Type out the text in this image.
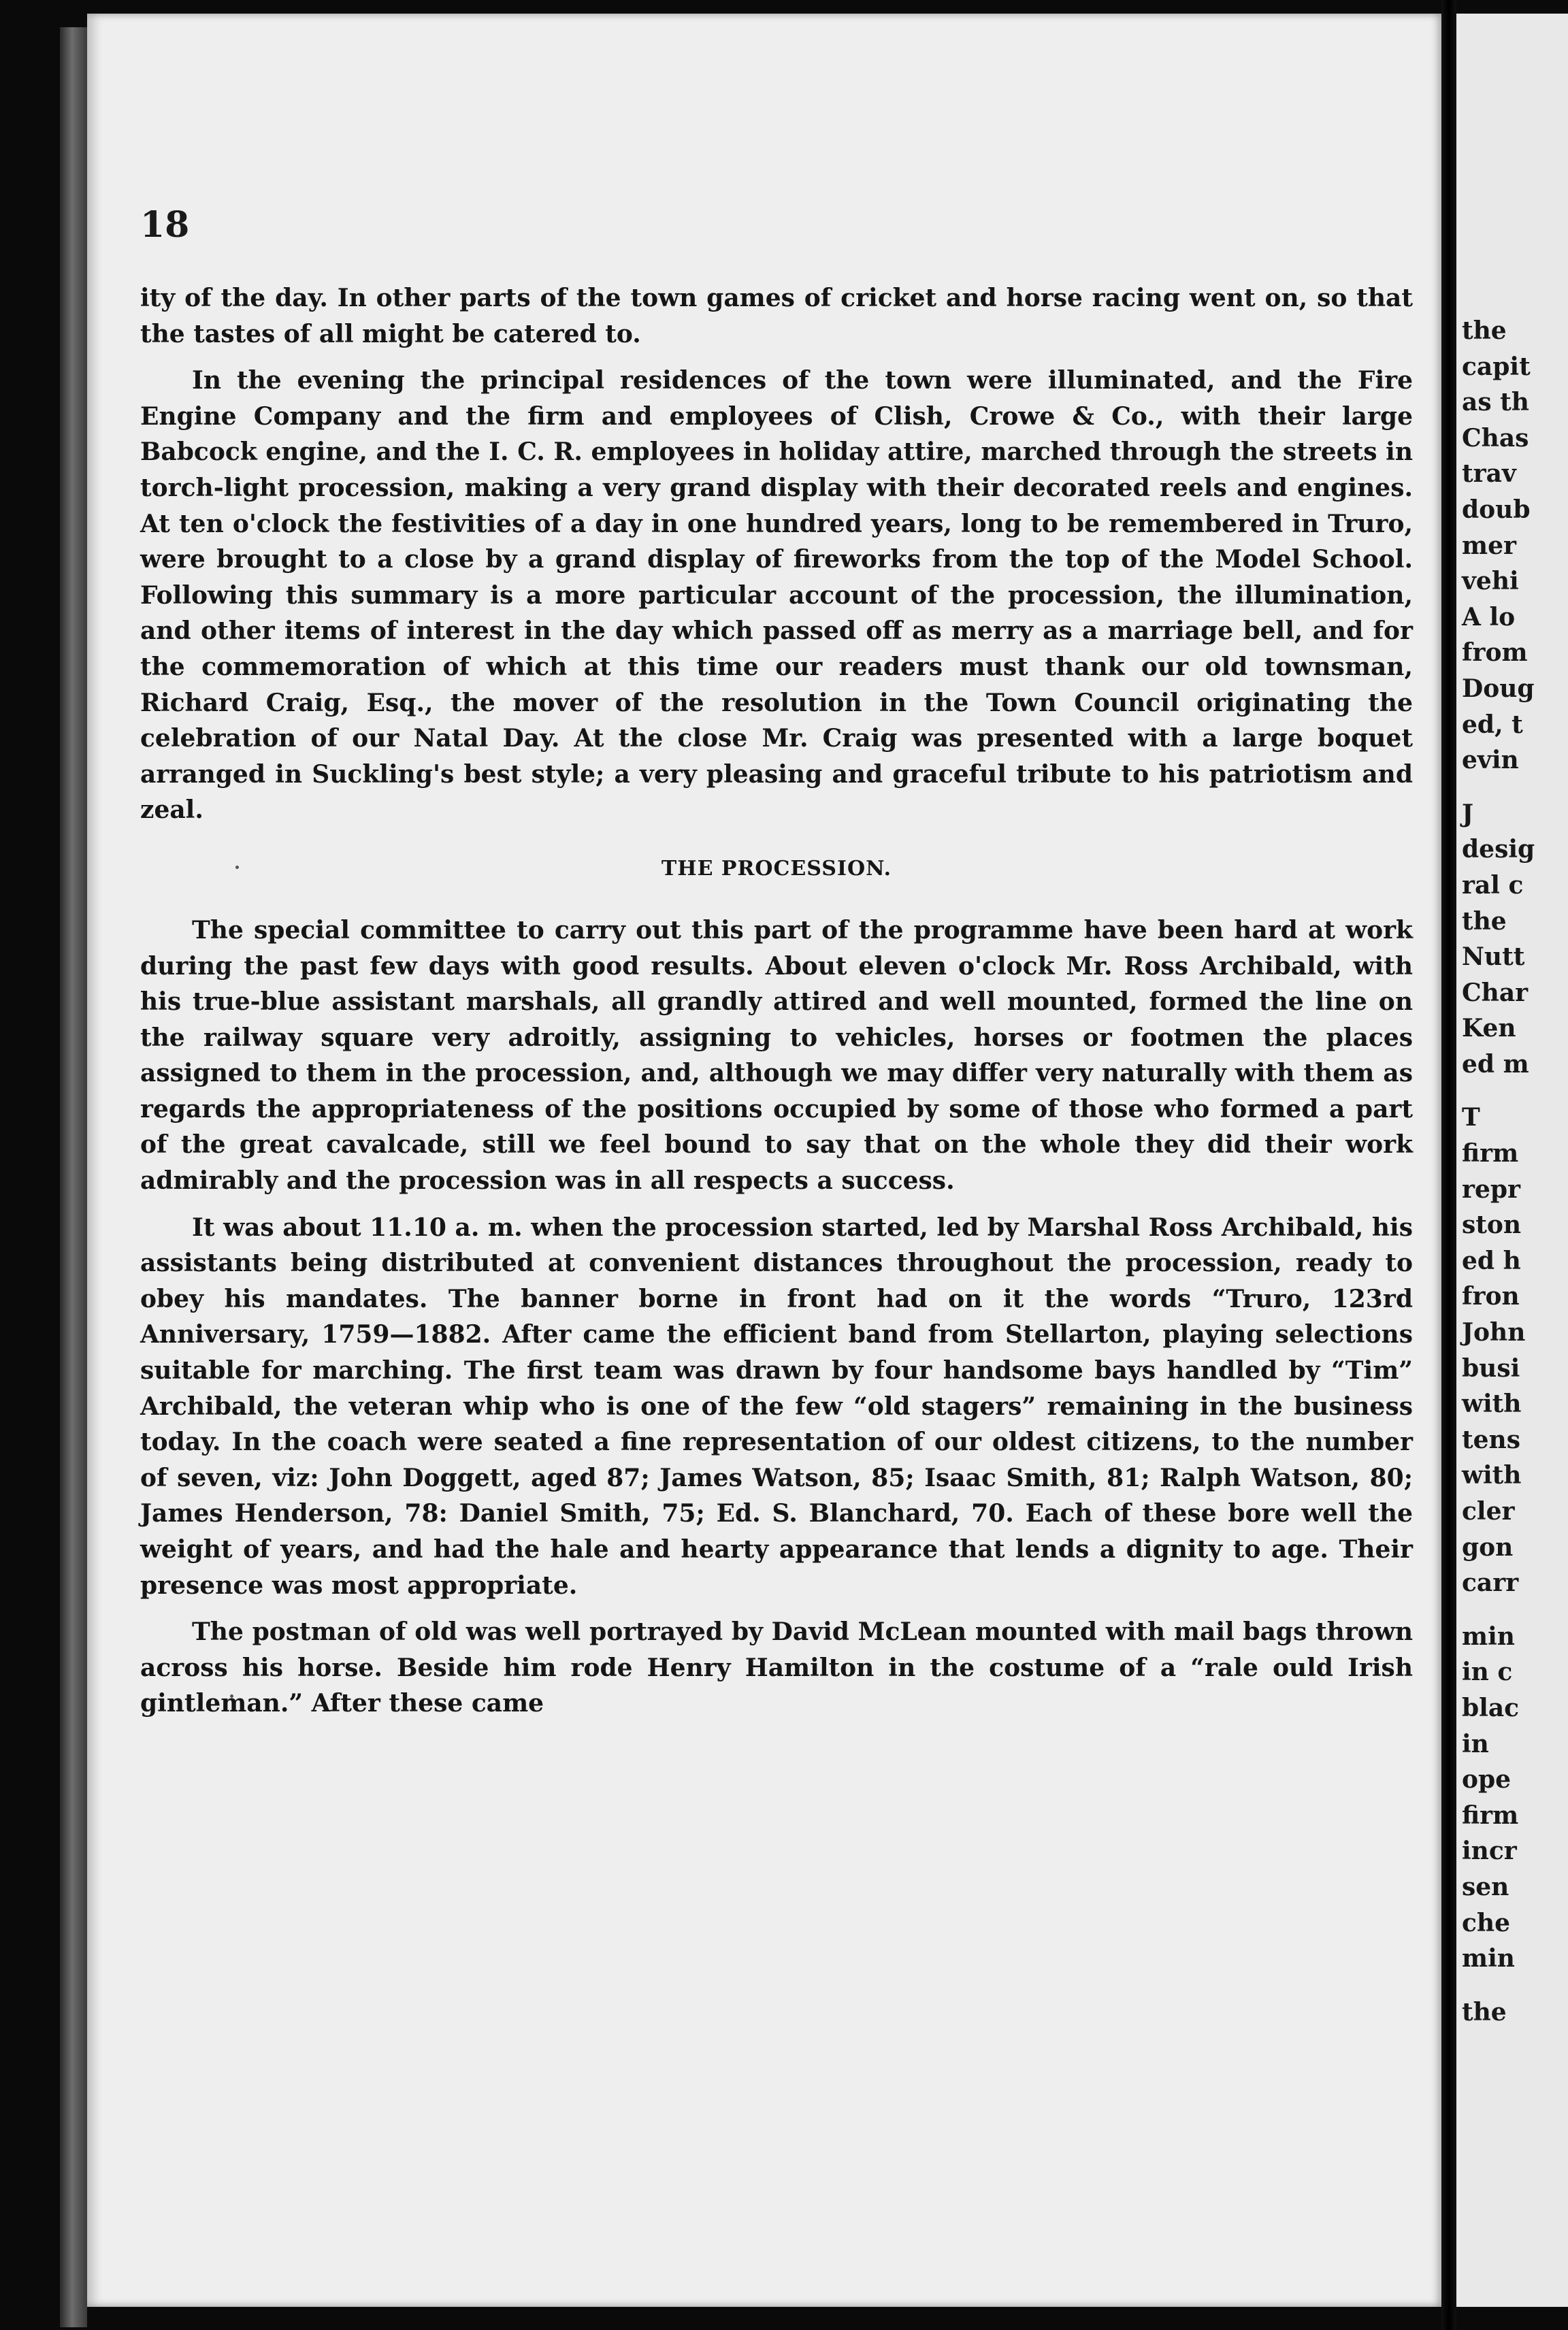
18

ity of the day. In other parts of the town games of cricket and horse racing went on, so that the tastes of all might be catered to.

In the evening the principal residences of the town were illuminated, and the Fire Engine Company and the firm and employees of Clish, Crowe & Co., with their large Babcock engine, and the I. C. R. employees in holiday attire, marched through the streets in torch-light procession, making a very grand display with their decorated reels and engines. At ten o'clock the festivities of a day in one hundred years, long to be remembered in Truro, were brought to a close by a grand display of fireworks from the top of the Model School. Following this summary is a more particular account of the procession, the illumination, and other items of interest in the day which passed off as merry as a marriage bell, and for the commemoration of which at this time our readers must thank our old townsman, Richard Craig, Esq., the mover of the resolution in the Town Council originating the celebration of our Natal Day. At the close Mr. Craig was presented with a large boquet arranged in Suckling's best style; a very pleasing and graceful tribute to his patriotism and zeal.

THE PROCESSION.

The special committee to carry out this part of the programme have been hard at work during the past few days with good results. About eleven o'clock Mr. Ross Archibald, with his true-blue assistant marshals, all grandly attired and well mounted, formed the line on the railway square very adroitly, assigning to vehicles, horses or footmen the places assigned to them in the procession, and, although we may differ very naturally with them as regards the appropriateness of the positions occupied by some of those who formed a part of the great cavalcade, still we feel bound to say that on the whole they did their work admirably and the procession was in all respects a success.

It was about 11.10 a. m. when the procession started, led by Marshal Ross Archibald, his assistants being distributed at convenient distances throughout the procession, ready to obey his mandates. The banner borne in front had on it the words “Truro, 123rd Anniversary, 1759—1882. After came the efficient band from Stellarton, playing selections suitable for marching. The first team was drawn by four handsome bays handled by “Tim” Archibald, the veteran whip who is one of the few “old stagers” remaining in the business today. In the coach were seated a fine representation of our oldest citizens, to the number of seven, viz: John Doggett, aged 87; James Watson, 85; Isaac Smith, 81; Ralph Watson, 80; James Henderson, 78: Daniel Smith, 75; Ed. S. Blanchard, 70. Each of these bore well the weight of years, and had the hale and hearty appearance that lends a dignity to age. Their presence was most appropriate.

The postman of old was well portrayed by David McLean mounted with mail bags thrown across his horse. Beside him rode Henry Hamilton in the costume of a “rale ould Irish gintleman.” After these came

the
capit
as th
Chas
trav
doub
mer
vehi
A lo
from
Doug
ed, t
evin
J
desig
ral c
the
Nutt
Char
Ken
ed m
T
firm
repr
ston
ed h
fron
John
busi
with
tens
with
cler
gon
carr
min
in c
blac
in
ope
firm
incr
sen
che
min
the
